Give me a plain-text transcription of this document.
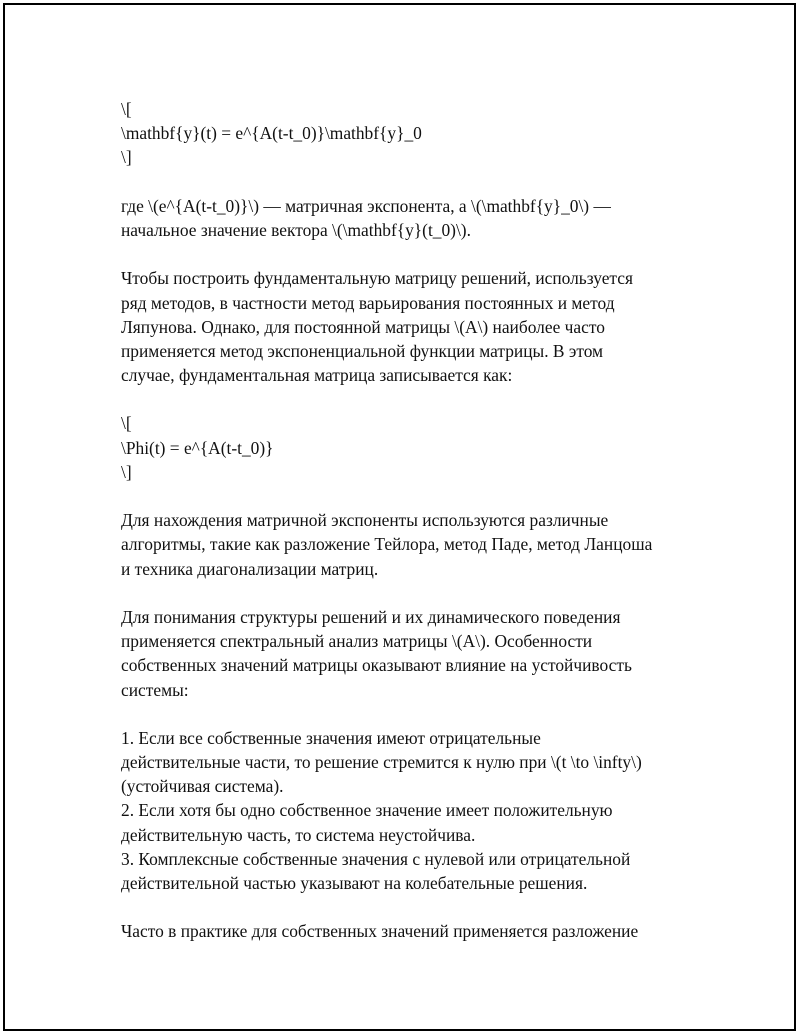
\[
\mathbf{y}(t) = e^{A(t-t_0)}\mathbf{y}_0
\]
где \(e^{A(t-t_0)}\) — матричная экспонента, а \(\mathbf{y}_0\) —
начальное значение вектора \(\mathbf{y}(t_0)\).
Чтобы построить фундаментальную матрицу решений, используется
ряд методов, в частности метод варьирования постоянных и метод
Ляпунова. Однако, для постоянной матрицы \(A\) наиболее часто
применяется метод экспоненциальной функции матрицы. В этом
случае, фундаментальная матрица записывается как:
\[
\Phi(t) = e^{A(t-t_0)}
\]
Для нахождения матричной экспоненты используются различные
алгоритмы, такие как разложение Тейлора, метод Паде, метод Ланцоша
и техника диагонализации матриц.
Для понимания структуры решений и их динамического поведения
применяется спектральный анализ матрицы \(A\). Особенности
собственных значений матрицы оказывают влияние на устойчивость
системы:
1. Если все собственные значения имеют отрицательные
действительные части, то решение стремится к нулю при \(t \to \infty\)
(устойчивая система).
2. Если хотя бы одно собственное значение имеет положительную
действительную часть, то система неустойчива.
3. Комплексные собственные значения с нулевой или отрицательной
действительной частью указывают на колебательные решения.
Часто в практике для собственных значений применяется разложение
